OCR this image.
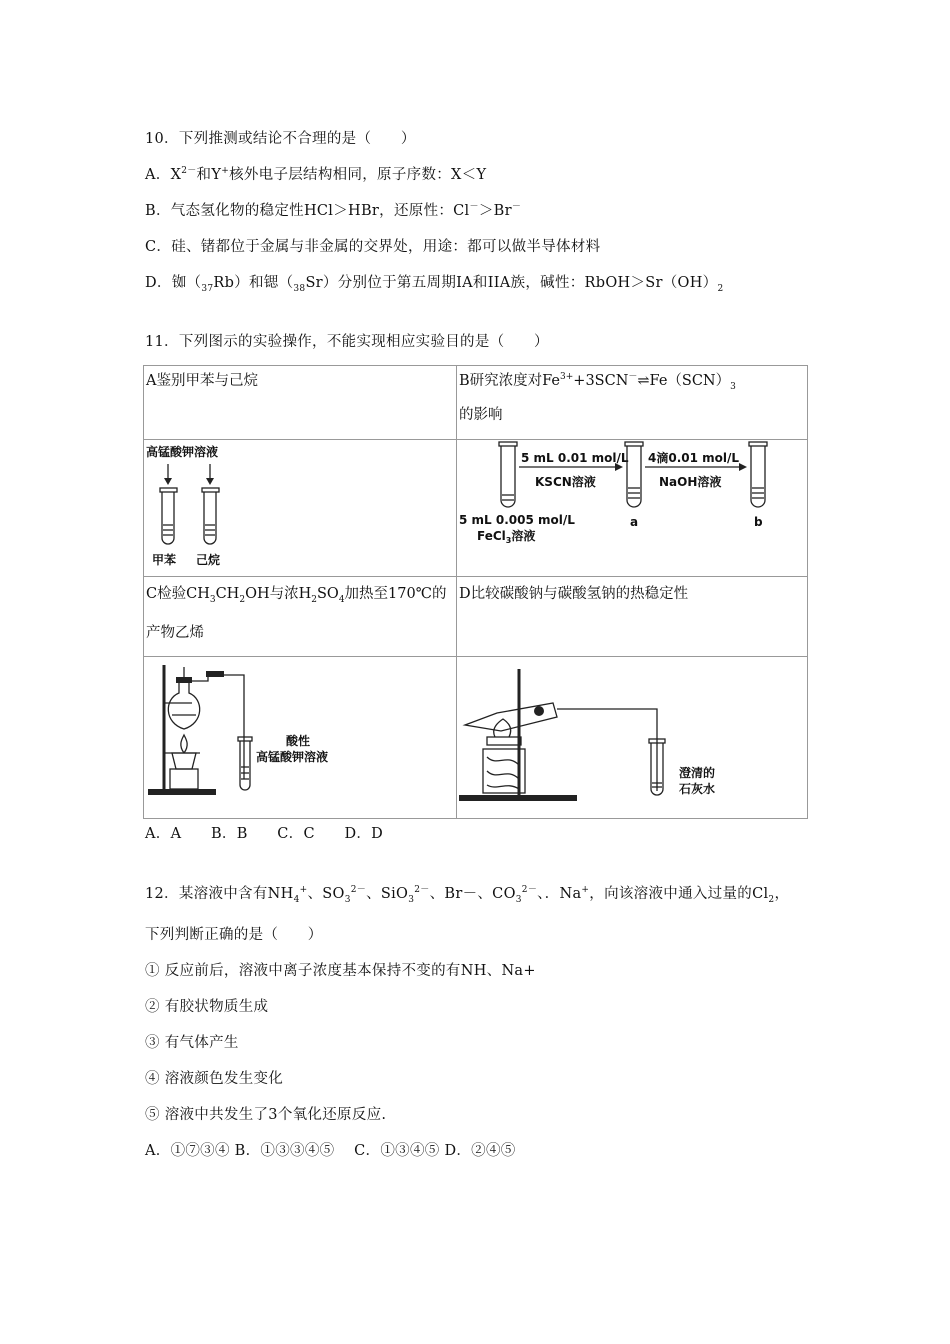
10．下列推测或结论不合理的是（　　）
A．$X^{2-}$和Y+核外电子层结构相同，原子序数：X＜Y
B．气态氢化物的稳定性HCl＞HBr，还原性：Cl－＞Br－
C．硅、锗都位于金属与非金属的交界处，用途：都可以做半导体材料
D．铷$(_{37}Rb)$和锶$(_{38}Sr)$分别位于第五周期IA和IIA族，碱性：$RbOH>Sr(OH)_2$
11．下列图示的实验操作，不能实现相应实验目的是（　　）
A鉴别甲苯与己烷	B研究浓度对$Fe^{3+}+3SCN^-\rightleftharpoons Fe(SCN)_3$
的影响
高锰酸钾溶液
甲苯 己烷
5 mL 0.01 mol/L
KSCN溶液
4滴0.01 mol/L
NaOH溶液
5 mL 0.005 mol/L
FeCl$_3$溶液
a	b
C检验$CH_3CH_2OH$与浓$H_2SO_4$加热至170℃的
产物乙烯
D比较碳酸钠与碳酸氢钠的热稳定性
酸性
高锰酸钾溶液
澄清的
石灰水
A．A　　B．B　　C．C　　D．D
12．某溶液中含有$NH_4^+$、$SO_3^{2-}$、SiO$_3^{2-}$、Br－、$CO_3^{2-}$、．Na+，向该溶液中通入过量的$Cl_2$，
下列判断正确的是（　　）
① 反应前后，溶液中离子浓度基本保持不变的有NH、Na+
② 有胶状物质生成
③ 有气体产生
④ 溶液颜色发生变化
⑤ 溶液中共发生了3个氧化还原反应.
A．①⑦③④ B．①③③④⑤　 C．①③④⑤ D．②④⑤
